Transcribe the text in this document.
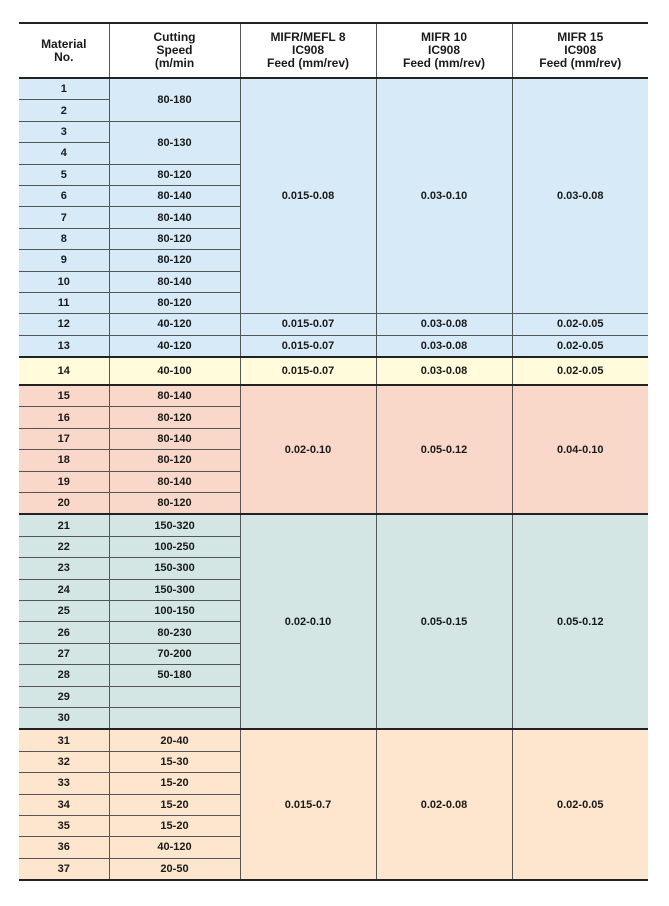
Material
No.	Cutting
Speed
(m/min	MIFR/MEFL 8
IC908
Feed (mm/rev)	MIFR 10
IC908
Feed (mm/rev)	MIFR 15
IC908
Feed (mm/rev)
1	80-180	0.015-0.08	0.03-0.10	0.03-0.08
2				
3	80-130			
4				
5	80-120			
6	80-140			
7	80-140			
8	80-120			
9	80-120			
10	80-140			
11	80-120			
12	40-120	0.015-0.07	0.03-0.08	0.02-0.05
13	40-120	0.015-0.07	0.03-0.08	0.02-0.05
14	40-100	0.015-0.07	0.03-0.08	0.02-0.05
15	80-140	0.02-0.10	0.05-0.12	0.04-0.10
16	80-120			
17	80-140			
18	80-120			
19	80-140			
20	80-120			
21	150-320	0.02-0.10	0.05-0.15	0.05-0.12
22	100-250			
23	150-300			
24	150-300			
25	100-150			
26	80-230			
27	70-200			
28	50-180			
29				
30				
31	20-40	0.015-0.7	0.02-0.08	0.02-0.05
32	15-30			
33	15-20			
34	15-20			
35	15-20			
36	40-120			
37	20-50			
